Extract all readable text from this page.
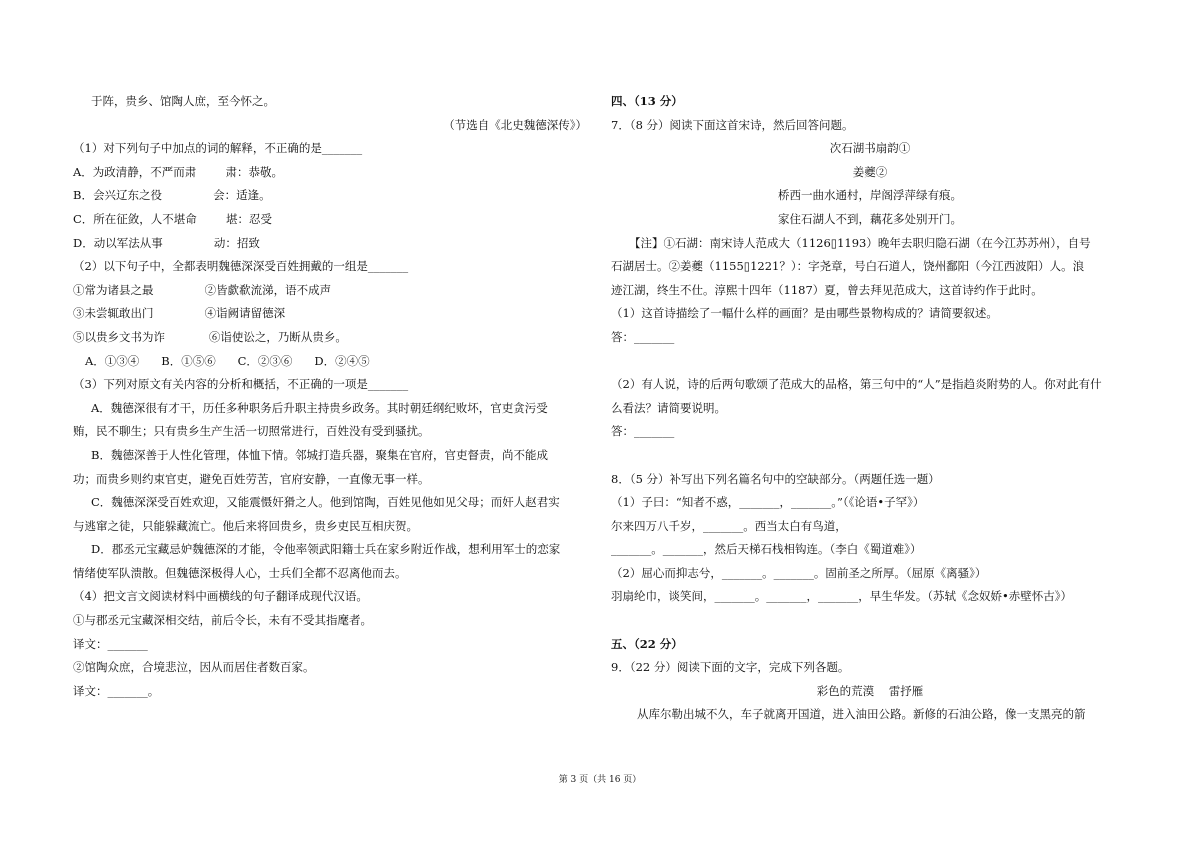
于阵，贵乡、馆陶人庶，至今怀之。
（节选自《北史魏德深传》）
（1）对下列句子中加点的词的解释，不正确的是_______
A．为政清静，不严而肃        肃：恭敬。
B．会兴辽东之役              会：适逢。
C．所在征敛，人不堪命        堪：忍受
D．动以军法从事              动：招致
（2）以下句子中，全都表明魏德深深受百姓拥戴的一组是_______
①常为诸县之最              ②皆歔欷流涕，语不成声
③未尝辄敢出门              ④诣阙请留德深
⑤以贵乡文书为诈            ⑥诣使讼之，乃断从贵乡。
A．①③④      B．①⑤⑥      C．②③⑥      D．②④⑤
（3）下列对原文有关内容的分析和概括，不正确的一项是_______
A．魏德深很有才干，历任多种职务后升职主持贵乡政务。其时朝廷纲纪败坏，官吏贪污受
贿，民不聊生；只有贵乡生产生活一切照常进行，百姓没有受到骚扰。
B．魏德深善于人性化管理，体恤下情。邻城打造兵器，聚集在官府，官吏督责，尚不能成
功；而贵乡则约束官吏，避免百姓劳苦，官府安静，一直像无事一样。
C．魏德深深受百姓欢迎，又能震慑奸猾之人。他到馆陶，百姓见他如见父母；而奸人赵君实
与逃窜之徒，只能躲藏流亡。他后来将回贵乡，贵乡吏民互相庆贺。
D．郡丞元宝藏忌妒魏德深的才能，令他率领武阳籍士兵在家乡附近作战，想利用军士的恋家
情绪使军队溃散。但魏德深极得人心，士兵们全都不忍离他而去。
（4）把文言文阅读材料中画横线的句子翻译成现代汉语。
①与郡丞元宝藏深相交结，前后令长，未有不受其指麾者。
译文：_______
②馆陶众庶，合境悲泣，因从而居住者数百家。
译文：_______。
四、（13 分）
7．（8 分）阅读下面这首宋诗，然后回答问题。
次石湖书扇韵①
姜夔②
桥西一曲水通村，岸阁浮萍绿有痕。
家住石湖人不到，藕花多处别开门。
【注】①石湖：南宋诗人范成大（1126▯1193）晚年去职归隐石湖（在今江苏苏州），自号
石湖居士。②姜夔（1155▯1221？）：字尧章，号白石道人，饶州鄱阳（今江西波阳）人。浪
迹江湖，终生不仕。淳熙十四年（1187）夏，曾去拜见范成大，这首诗约作于此时。
（1）这首诗描绘了一幅什么样的画面？是由哪些景物构成的？请简要叙述。
答：_______
（2）有人说，诗的后两句歌颂了范成大的品格，第三句中的“人”是指趋炎附势的人。你对此有什
么看法？请简要说明。
答：_______
8．（5 分）补写出下列名篇名句中的空缺部分。（两题任选一题）
（1）子曰：“知者不惑，_______，_______。”（《论语•子罕》）
尔来四万八千岁，_______。西当太白有鸟道，
_______。_______，然后天梯石栈相钩连。（李白《蜀道难》）
（2）屈心而抑志兮，_______。_______。固前圣之所厚。（屈原《离骚》）
羽扇纶巾，谈笑间，_______。_______，_______，早生华发。（苏轼《念奴娇•赤壁怀古》）
五、（22 分）
9．（22 分）阅读下面的文字，完成下列各题。
彩色的荒漠    雷抒雁
从库尔勒出城不久，车子就离开国道，进入油田公路。新修的石油公路，像一支黑亮的箭
第 3 页（共 16 页）
